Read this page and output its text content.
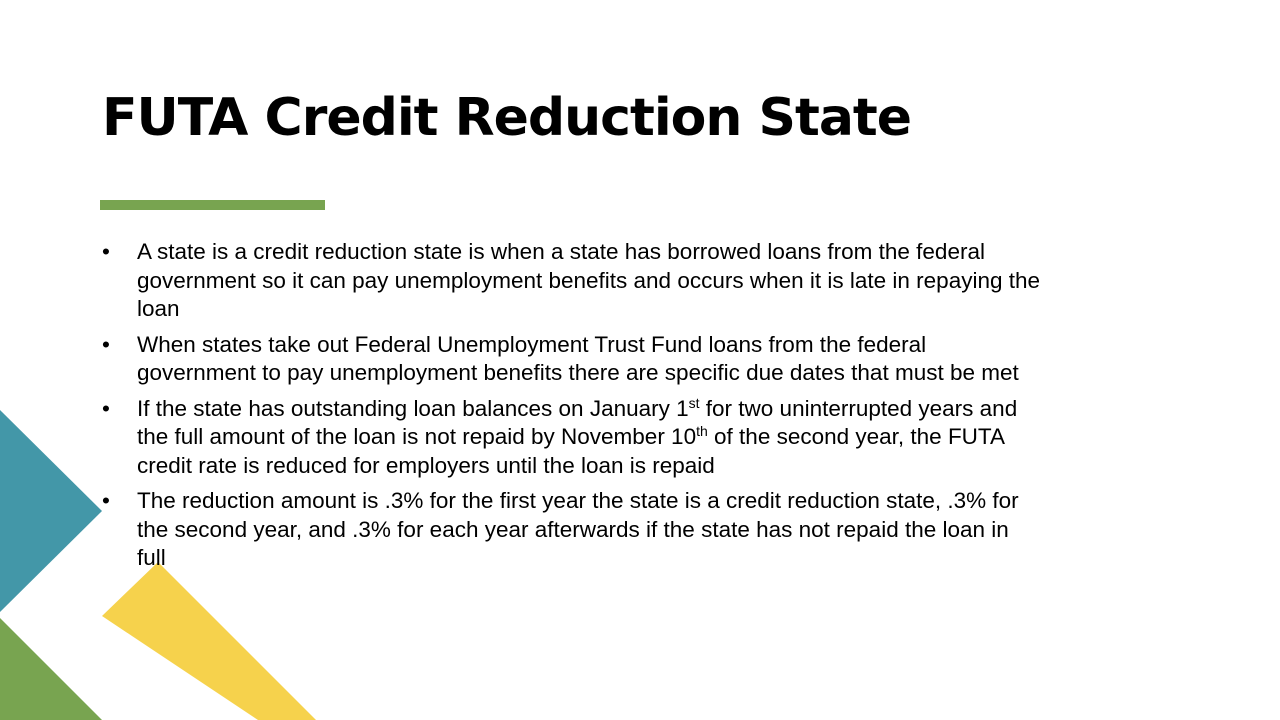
FUTA Credit Reduction State
• A state is a credit reduction state is when a state has borrowed loans from the federal government so it can pay unemployment benefits and occurs when it is late in repaying the loan
• When states take out Federal Unemployment Trust Fund loans from the federal government to pay unemployment benefits there are specific due dates that must be met
• If the state has outstanding loan balances on January 1st for two uninterrupted years and the full amount of the loan is not repaid by November 10th of the second year, the FUTA credit rate is reduced for employers until the loan is repaid
• The reduction amount is .3% for the first year the state is a credit reduction state, .3% for the second year, and .3% for each year afterwards if the state has not repaid the loan in full
